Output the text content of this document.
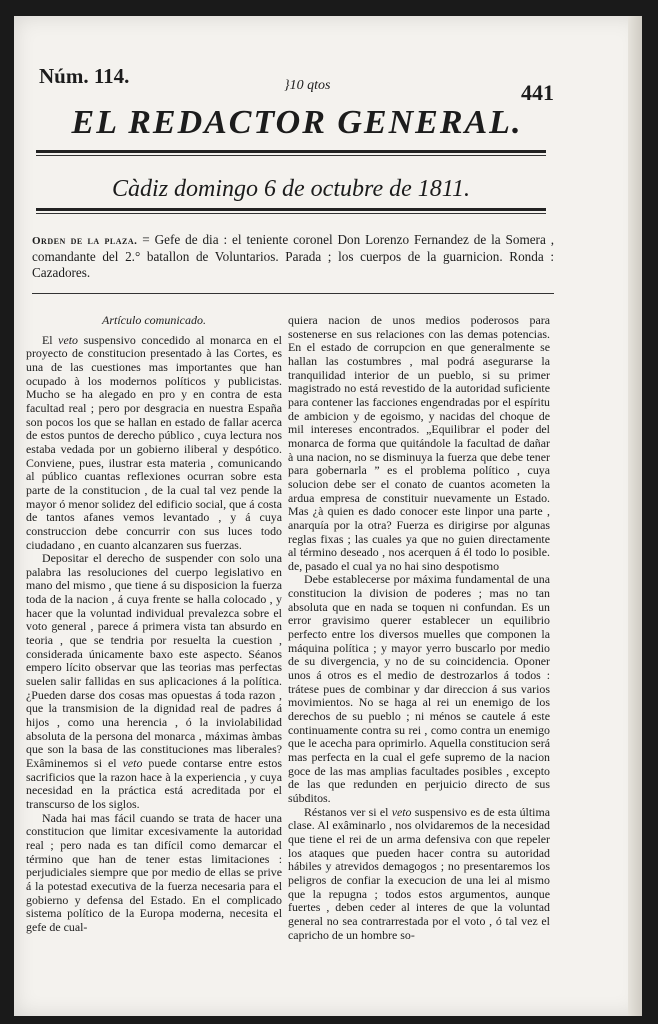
Núm. 114.	}10 qtos	441
EL REDACTOR GENERAL.
Càdiz domingo 6 de octubre de 1811.
Orden de la plaza. = Gefe de dia : el teniente coronel Don Lorenzo Fernandez de la Somera , comandante del 2.° batallon de Voluntarios. Parada ; los cuerpos de la guarnicion. Ronda : Cazadores.
Artículo comunicado.

El veto suspensivo concedido al monarca en el proyecto de constitucion presentado à las Cortes, es una de las cuestiones mas importantes que han ocupado à los modernos políticos y publicistas. Mucho se ha alegado en pro y en contra de esta facultad real ; pero por desgracia en nuestra España son pocos los que se hallan en estado de fallar acerca de estos puntos de derecho público , cuya lectura nos estaba vedada por un gobierno iliberal y despótico. Conviene, pues, ilustrar esta materia , comunicando al público cuantas reflexiones ocurran sobre esta parte de la constitucion , de la cual tal vez pende la mayor ó menor solidez del edificio social, que á costa de tantos afanes vemos levantado , y á cuya construccion debe concurrir con sus luces todo ciudadano , en cuanto alcanzaren sus fuerzas.

Depositar el derecho de suspender con solo una palabra las resoluciones del cuerpo legislativo en mano del mismo , que tiene á su disposicion la fuerza toda de la nacion , á cuya frente se halla colocado , y hacer que la voluntad individual prevalezca sobre el voto general , parece á primera vista tan absurdo en teoria , que se tendria por resuelta la cuestion , considerada únicamente baxo este aspecto. Séanos empero lícito observar que las teorias mas perfectas suelen salir fallidas en sus aplicaciones á la política. ¿Pueden darse dos cosas mas opuestas á toda razon , que la transmision de la dignidad real de padres á hijos , como una herencia , ó la inviolabilidad absoluta de la persona del monarca , máximas àmbas que son la basa de las constituciones mas liberales? Exâminemos si el veto puede contarse entre estos sacrificios que la razon hace à la experiencia , y cuya necesidad en la práctica está acreditada por el transcurso de los siglos.

Nada hai mas fácil cuando se trata de hacer una constitucion que limitar excesivamente la autoridad real ; pero nada es tan difícil como demarcar el término que han de tener estas limitaciones : perjudiciales siempre que por medio de ellas se prive á la potestad executiva de la fuerza necesaria para el gobierno y defensa del Estado. En el complicado sistema político de la Europa moderna, necesita el gefe de cual-

quiera nacion de unos medios poderosos para sostenerse en sus relaciones con las demas potencias. En el estado de corrupcion en que generalmente se hallan las costumbres , mal podrá asegurarse la tranquilidad interior de un pueblo, si su primer magistrado no está revestido de la autoridad suficiente para contener las facciones engendradas por el espíritu de ambicion y de egoismo, y nacidas del choque de mil intereses encontrados. „Equilibrar el poder del monarca de forma que quitándole la facultad de dañar à una nacion, no se disminuya la fuerza que debe tener para gobernarla ” es el problema político , cuya solucion debe ser el conato de cuantos acometen la ardua empresa de constituir nuevamente un Estado. Mas ¿à quien es dado conocer este linpor una parte , anarquía por la otra? Fuerza es dirigirse por algunas reglas fixas ; las cuales ya que no guien directamente al término deseado , nos acerquen á él todo lo posible. de, pasado el cual ya no hai sino despotismo

Debe establecerse por máxima fundamental de una constitucion la division de poderes ; mas no tan absoluta que en nada se toquen ni confundan. Es un error gravisimo querer establecer un equilibrio perfecto entre los diversos muelles que componen la máquina política ; y mayor yerro buscarlo por medio de su divergencia, y no de su coincidencia. Oponer unos á otros es el medio de destrozarlos á todos : trátese pues de combinar y dar direccion á sus varios movimientos. No se haga al rei un enemigo de los derechos de su pueblo ; ni ménos se cautele á este continuamente contra su rei , como contra un enemigo que le acecha para oprimirlo. Aquella constitucion será mas perfecta en la cual el gefe supremo de la nacion goce de las mas amplias facultades posibles , excepto de las que redunden en perjuicio directo de sus súbditos.

Réstanos ver si el veto suspensivo es de esta última clase. Al exâminarlo , nos olvidaremos de la necesidad que tiene el rei de un arma defensiva con que repeler los ataques que pueden hacer contra su autoridad hábiles y atrevidos demagogos ; no presentaremos los peligros de confiar la execucion de una lei al mismo que la repugna ; todos estos argumentos, aunque fuertes , deben ceder al interes de que la voluntad general no sea contrarrestada por el voto , ó tal vez el capricho de un hombre so-
